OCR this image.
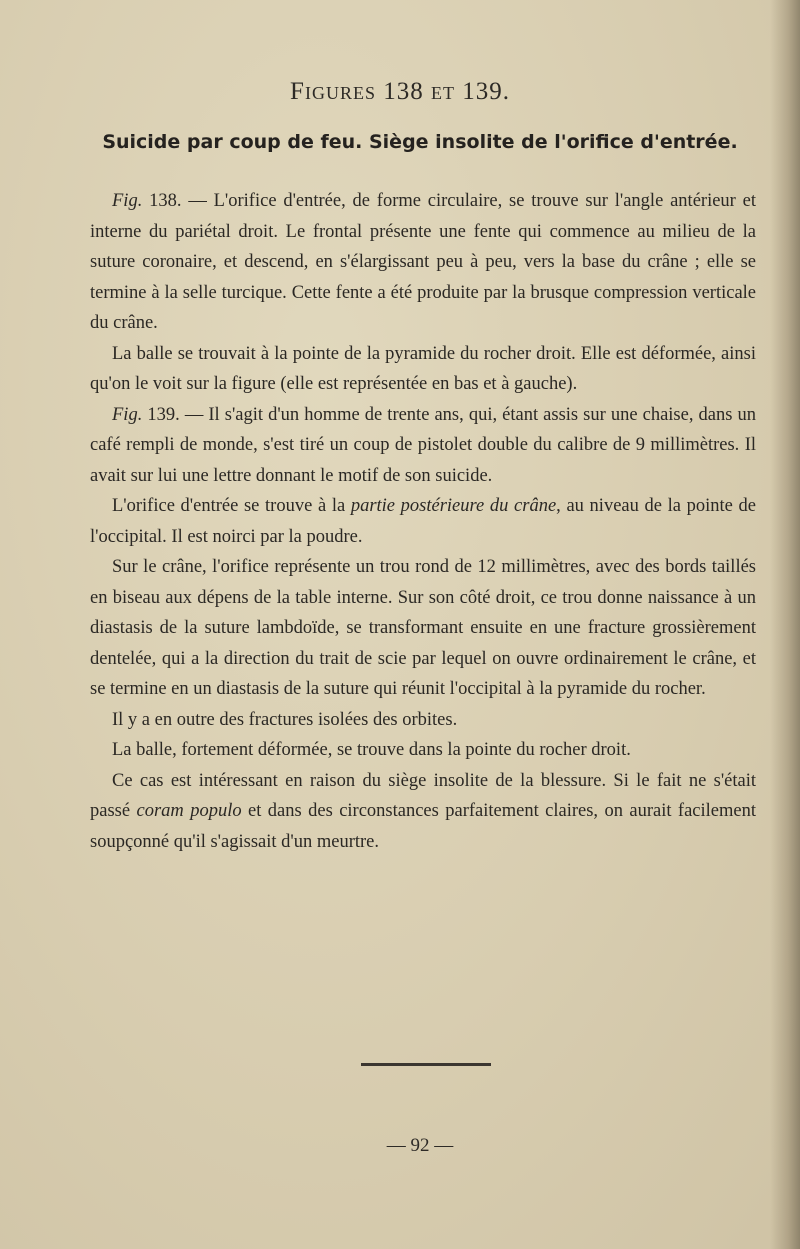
Figures 138 et 139.
Suicide par coup de feu. Siège insolite de l'orifice d'entrée.

Fig. 138. — L'orifice d'entrée, de forme circulaire, se trouve sur l'angle antérieur et interne du pariétal droit. Le frontal présente une fente qui commence au milieu de la suture coronaire, et descend, en s'élargissant peu à peu, vers la base du crâne ; elle se termine à la selle turcique. Cette fente a été produite par la brusque compression verticale du crâne.

La balle se trouvait à la pointe de la pyramide du rocher droit. Elle est déformée, ainsi qu'on le voit sur la figure (elle est représentée en bas et à gauche).

Fig. 139. — Il s'agit d'un homme de trente ans, qui, étant assis sur une chaise, dans un café rempli de monde, s'est tiré un coup de pistolet double du calibre de 9 millimètres. Il avait sur lui une lettre donnant le motif de son suicide.

L'orifice d'entrée se trouve à la partie postérieure du crâne, au niveau de la pointe de l'occipital. Il est noirci par la poudre.

Sur le crâne, l'orifice représente un trou rond de 12 millimètres, avec des bords taillés en biseau aux dépens de la table interne. Sur son côté droit, ce trou donne naissance à un diastasis de la suture lambdoïde, se transformant ensuite en une fracture grossièrement dentelée, qui a la direction du trait de scie par lequel on ouvre ordinairement le crâne, et se termine en un diastasis de la suture qui réunit l'occipital à la pyramide du rocher.

Il y a en outre des fractures isolées des orbites.

La balle, fortement déformée, se trouve dans la pointe du rocher droit.

Ce cas est intéressant en raison du siège insolite de la blessure. Si le fait ne s'était passé coram populo et dans des circonstances parfaitement claires, on aurait facilement soupçonné qu'il s'agissait d'un meurtre.

— 92 —
